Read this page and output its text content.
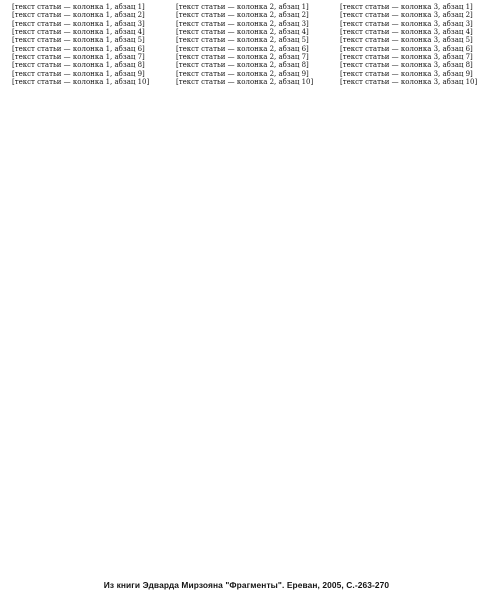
[текст статьи — колонка 1, абзац 1]

[текст статьи — колонка 1, абзац 2]

[текст статьи — колонка 1, абзац 3]

[текст статьи — колонка 1, абзац 4]

[текст статьи — колонка 1, абзац 5]

[текст статьи — колонка 1, абзац 6]

[текст статьи — колонка 1, абзац 7]

[текст статьи — колонка 1, абзац 8]

[текст статьи — колонка 1, абзац 9]

[текст статьи — колонка 1, абзац 10]

[текст статьи — колонка 2, абзац 1]

[текст статьи — колонка 2, абзац 2]

[текст статьи — колонка 2, абзац 3]

[текст статьи — колонка 2, абзац 4]

[текст статьи — колонка 2, абзац 5]

[текст статьи — колонка 2, абзац 6]

[текст статьи — колонка 2, абзац 7]

[текст статьи — колонка 2, абзац 8]

[текст статьи — колонка 2, абзац 9]

[текст статьи — колонка 2, абзац 10]

[текст статьи — колонка 3, абзац 1]

[текст статьи — колонка 3, абзац 2]

[текст статьи — колонка 3, абзац 3]

[текст статьи — колонка 3, абзац 4]

[текст статьи — колонка 3, абзац 5]

[текст статьи — колонка 3, абзац 6]

[текст статьи — колонка 3, абзац 7]

[текст статьи — колонка 3, абзац 8]

[текст статьи — колонка 3, абзац 9]

[текст статьи — колонка 3, абзац 10]

Из книги Эдварда Мирзояна "Фрагменты". Ереван, 2005, С.-263-270
